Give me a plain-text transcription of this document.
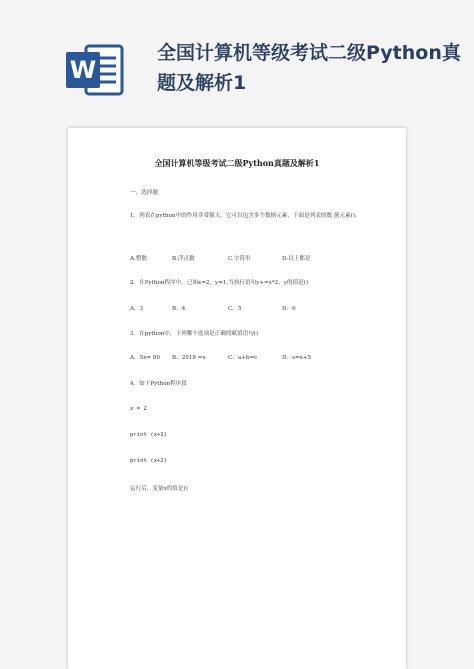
W
全国计算机等级考试二级Python真题及解析1
全国计算机等级考试二级Python真题及解析1
一、选择题
1．列表在python中的作用非常强大，它可以包含多个数据元素，下面是列表的数 据元素()。
A.整数	B.浮点数	C.字符串	D.以上都是
2．在Python程序中，已知x=2，y=1,当执行语句y+=x*2，y的值是()
A．3	B．4	C．5	D．6
3．在python中，下列哪个选项是正确的赋值语句()
A．5x= 80 B．2018 =x	C．a+b=c	D．s=x+5
4．如下Python程序段
x = 2
print (x+1)
print (x+2)
运行后，变量x的值是()
